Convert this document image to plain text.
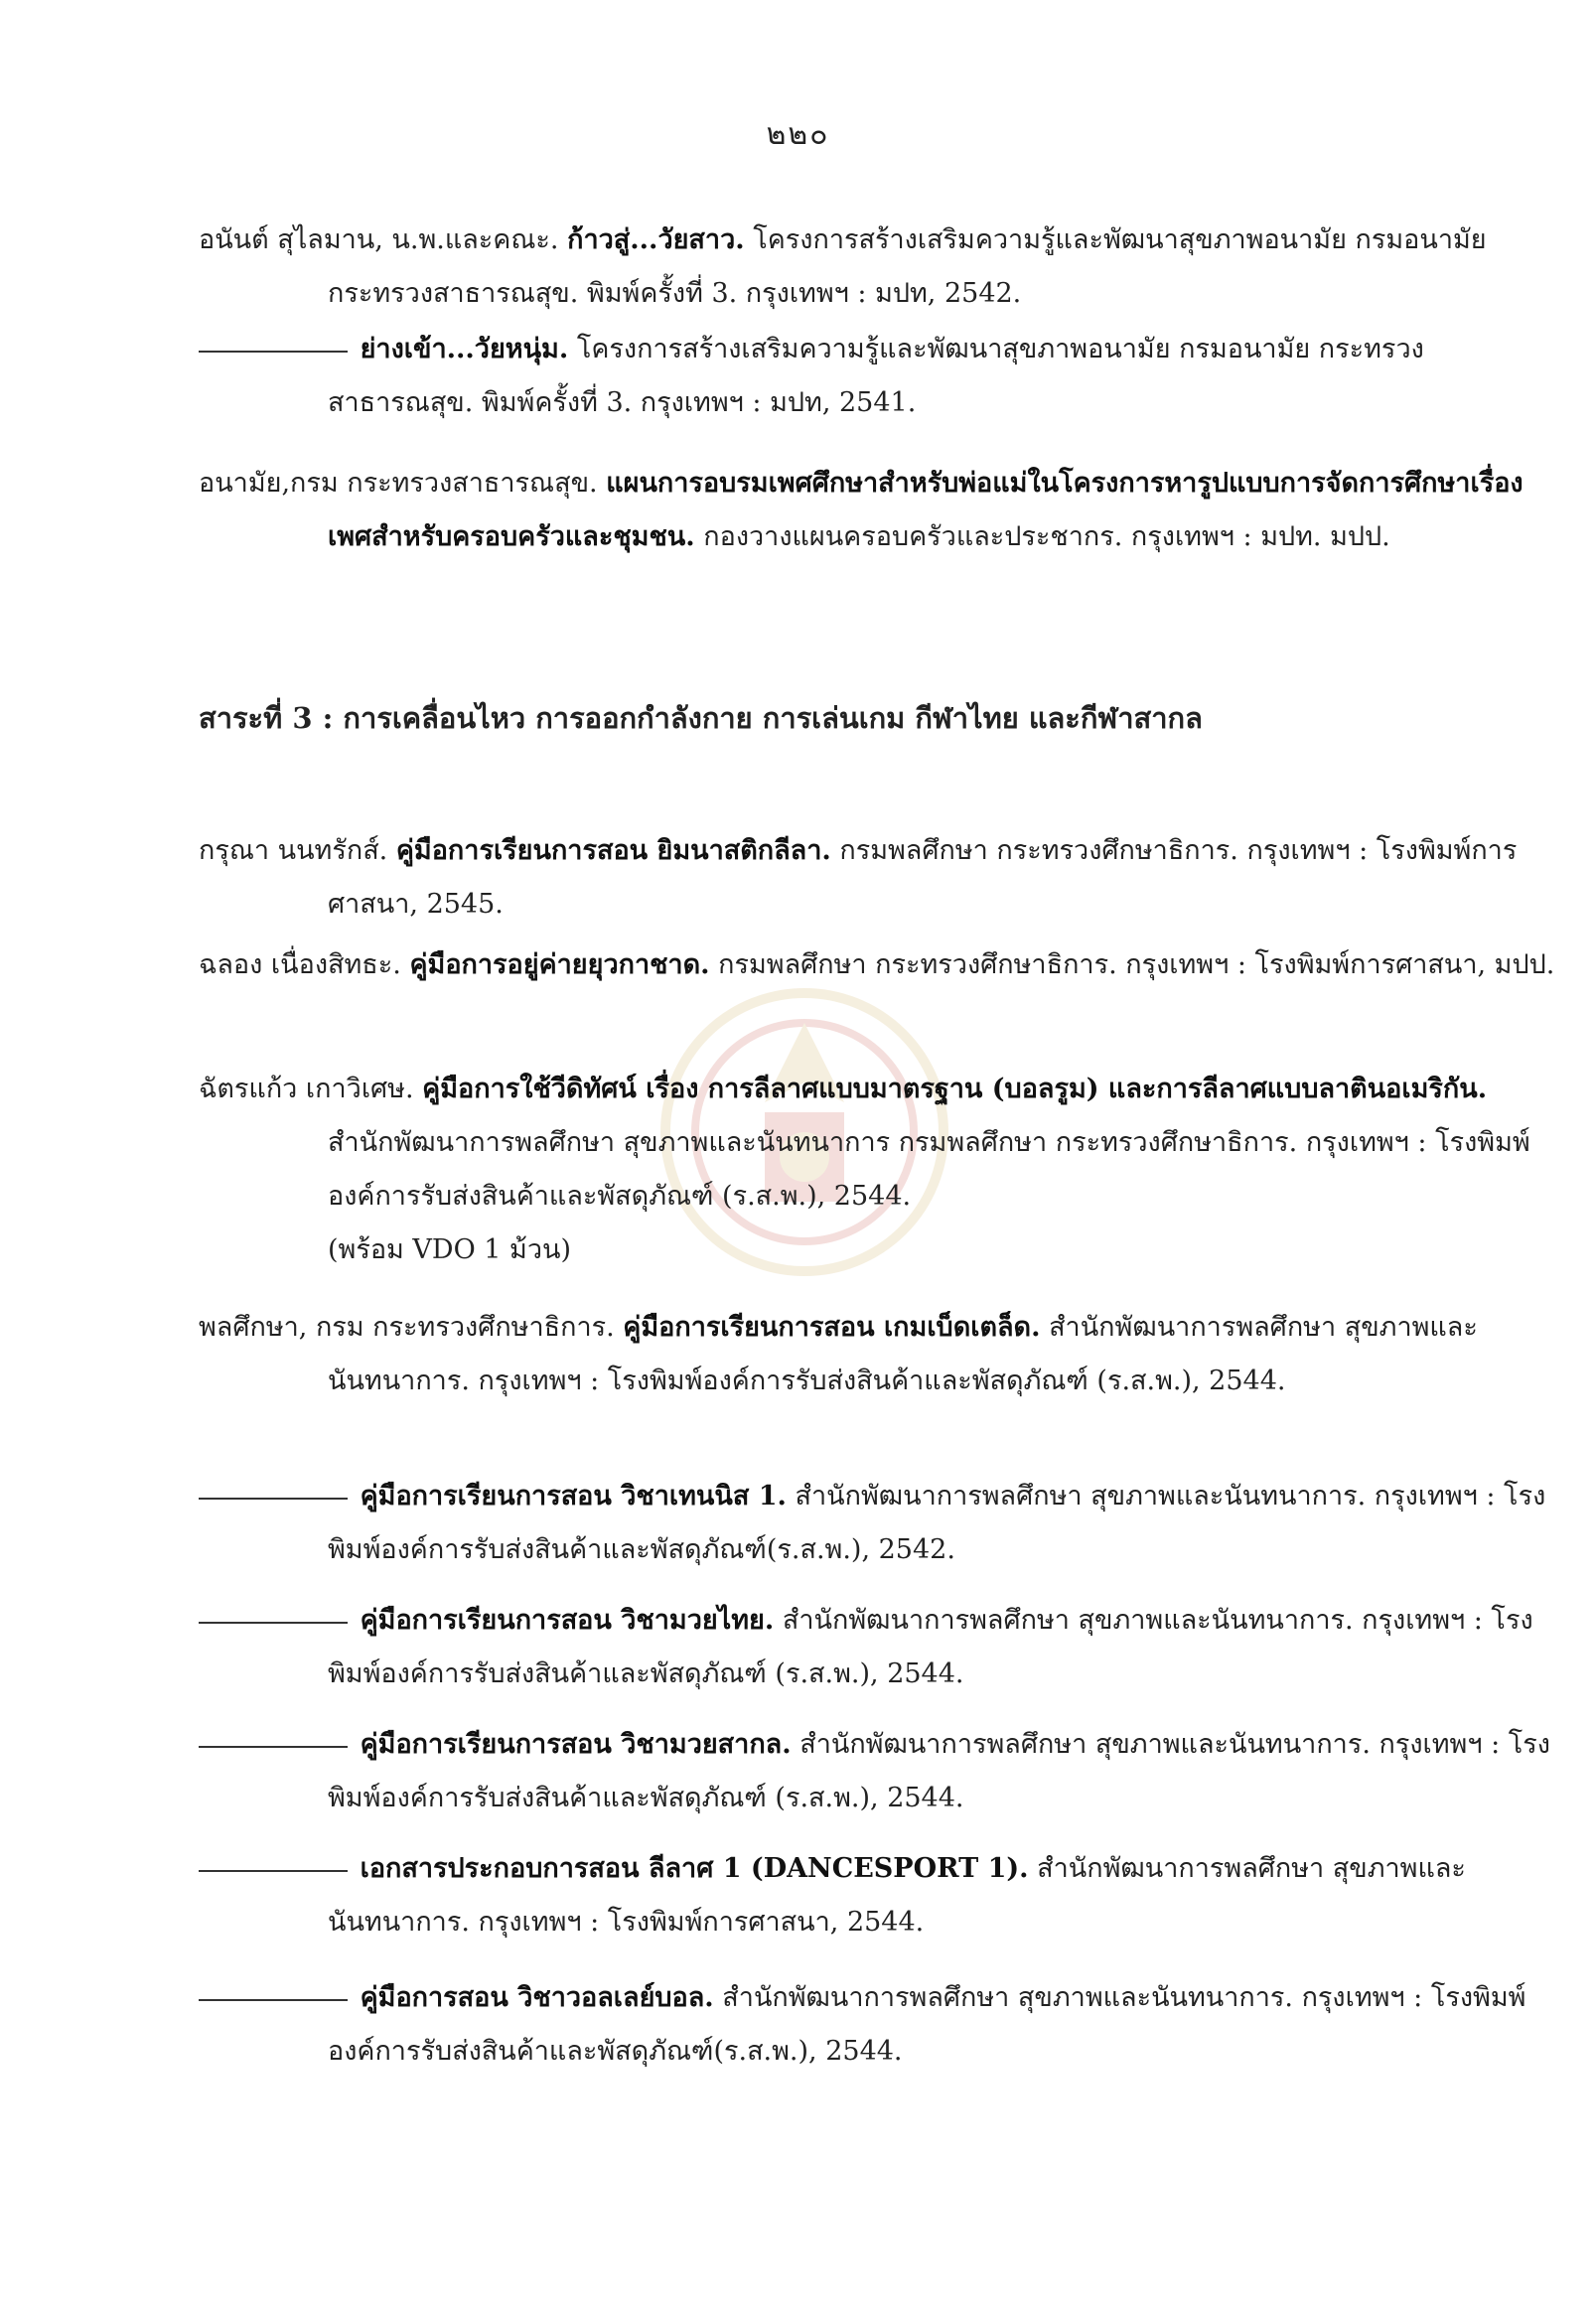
๒๒๐
อนันต์ สุไลมาน, น.พ.และคณะ. ก้าวสู่...วัยสาว. โครงการสร้างเสริมความรู้และพัฒนาสุขภาพอนามัย กรมอนามัย กระทรวงสาธารณสุข. พิมพ์ครั้งที่ 3. กรุงเทพฯ : มปท, 2542.
ย่างเข้า...วัยหนุ่ม. โครงการสร้างเสริมความรู้และพัฒนาสุขภาพอนามัย กรมอนามัย กระทรวงสาธารณสุข. พิมพ์ครั้งที่ 3. กรุงเทพฯ : มปท, 2541.
อนามัย,กรม กระทรวงสาธารณสุข. แผนการอบรมเพศศึกษาสำหรับพ่อแม่ในโครงการหารูปแบบการจัดการศึกษาเรื่องเพศสำหรับครอบครัวและชุมชน. กองวางแผนครอบครัวและประชากร. กรุงเทพฯ : มปท. มปป.
สาระที่ 3 : การเคลื่อนไหว การออกกำลังกาย การเล่นเกม กีฬาไทย และกีฬาสากล
กรุณา นนทรักส์. คู่มือการเรียนการสอน ยิมนาสติกลีลา. กรมพลศึกษา กระทรวงศึกษาธิการ. กรุงเทพฯ : โรงพิมพ์การศาสนา, 2545.
ฉลอง เนื่องสิทธะ. คู่มือการอยู่ค่ายยุวกาชาด. กรมพลศึกษา กระทรวงศึกษาธิการ. กรุงเทพฯ : โรงพิมพ์การศาสนา, มปป.
ฉัตรแก้ว เกาวิเศษ. คู่มือการใช้วีดิทัศน์ เรื่อง การลีลาศแบบมาตรฐาน (บอลรูม) และการลีลาศแบบลาตินอเมริกัน. สำนักพัฒนาการพลศึกษา สุขภาพและนันทนาการ กรมพลศึกษา กระทรวงศึกษาธิการ. กรุงเทพฯ : โรงพิมพ์องค์การรับส่งสินค้าและพัสดุภัณฑ์ (ร.ส.พ.), 2544.
(พร้อม VDO 1 ม้วน)
พลศึกษา, กรม กระทรวงศึกษาธิการ. คู่มือการเรียนการสอน เกมเบ็ดเตล็ด. สำนักพัฒนาการพลศึกษา สุขภาพและนันทนาการ. กรุงเทพฯ : โรงพิมพ์องค์การรับส่งสินค้าและพัสดุภัณฑ์ (ร.ส.พ.), 2544.
คู่มือการเรียนการสอน วิชาเทนนิส 1. สำนักพัฒนาการพลศึกษา สุขภาพและนันทนาการ. กรุงเทพฯ : โรงพิมพ์องค์การรับส่งสินค้าและพัสดุภัณฑ์(ร.ส.พ.), 2542.
คู่มือการเรียนการสอน วิชามวยไทย. สำนักพัฒนาการพลศึกษา สุขภาพและนันทนาการ. กรุงเทพฯ : โรงพิมพ์องค์การรับส่งสินค้าและพัสดุภัณฑ์ (ร.ส.พ.), 2544.
คู่มือการเรียนการสอน วิชามวยสากล. สำนักพัฒนาการพลศึกษา สุขภาพและนันทนาการ. กรุงเทพฯ : โรงพิมพ์องค์การรับส่งสินค้าและพัสดุภัณฑ์ (ร.ส.พ.), 2544.
เอกสารประกอบการสอน ลีลาศ 1 (DANCESPORT 1). สำนักพัฒนาการพลศึกษา สุขภาพและนันทนาการ. กรุงเทพฯ : โรงพิมพ์การศาสนา, 2544.
คู่มือการสอน วิชาวอลเลย์บอล. สำนักพัฒนาการพลศึกษา สุขภาพและนันทนาการ. กรุงเทพฯ : โรงพิมพ์องค์การรับส่งสินค้าและพัสดุภัณฑ์(ร.ส.พ.), 2544.
